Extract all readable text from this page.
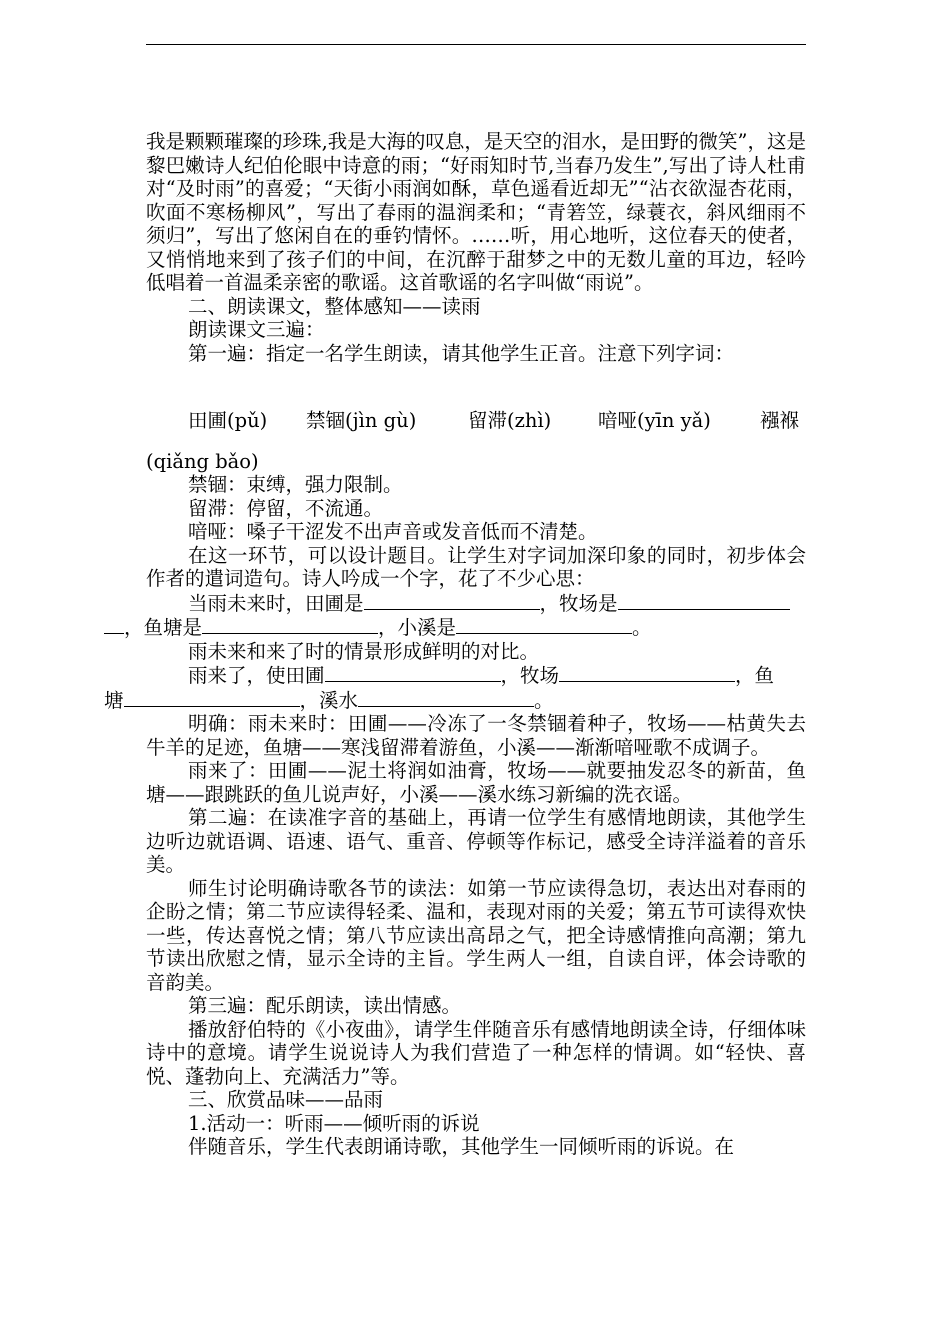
我是颗颗璀璨的珍珠,我是大海的叹息，是天空的泪水，是田野的微笑”，这是黎巴嫩诗人纪伯伦眼中诗意的雨；“好雨知时节,当春乃发生”,写出了诗人杜甫对“及时雨”的喜爱；“天街小雨润如酥，草色遥看近却无”“沾衣欲湿杏花雨，吹面不寒杨柳风”，写出了春雨的温润柔和；“青箬笠，绿蓑衣，斜风细雨不须归”，写出了悠闲自在的垂钓情怀。……听，用心地听，这位春天的使者，又悄悄地来到了孩子们的中间，在沉醉于甜梦之中的无数儿童的耳边，轻吟低唱着一首温柔亲密的歌谣。这首歌谣的名字叫做“雨说”。

二、朗读课文，整体感知——读雨

朗读课文三遍：

第一遍：指定一名学生朗读，请其他学生正音。注意下列字词：

田圃(pǔ) 禁锢(jìn gù)	留滞(zhì) 喑哑(yīn yǎ)	襁褓
(qiǎng bǎo)

禁锢：束缚，强力限制。

留滞：停留，不流通。

喑哑：嗓子干涩发不出声音或发音低而不清楚。

在这一环节，可以设计题目。让学生对字词加深印象的同时，初步体会作者的遣词造句。诗人吟成一个字，花了不少心思：

当雨未来时，田圃是	，牧场是
，鱼塘是	，小溪是	。

雨未来和来了时的情景形成鲜明的对比。

雨来了，使田圃	，牧场	，鱼
塘	，溪水	。

明确：雨未来时：田圃——冷冻了一冬禁锢着种子，牧场——枯黄失去牛羊的足迹，鱼塘——寒浅留滞着游鱼，小溪——渐渐喑哑歌不成调子。

雨来了：田圃——泥土将润如油膏，牧场——就要抽发忍冬的新苗，鱼塘——跟跳跃的鱼儿说声好，小溪——溪水练习新编的洗衣谣。

第二遍：在读准字音的基础上，再请一位学生有感情地朗读，其他学生边听边就语调、语速、语气、重音、停顿等作标记，感受全诗洋溢着的音乐美。

师生讨论明确诗歌各节的读法：如第一节应读得急切，表达出对春雨的企盼之情；第二节应读得轻柔、温和，表现对雨的关爱；第五节可读得欢快一些，传达喜悦之情；第八节应读出高昂之气，把全诗感情推向高潮；第九节读出欣慰之情，显示全诗的主旨。学生两人一组，自读自评，体会诗歌的音韵美。

第三遍：配乐朗读，读出情感。

播放舒伯特的《小夜曲》，请学生伴随音乐有感情地朗读全诗，仔细体味诗中的意境。请学生说说诗人为我们营造了一种怎样的情调。如“轻快、喜悦、蓬勃向上、充满活力”等。

三、欣赏品味——品雨

1.活动一：听雨——倾听雨的诉说

伴随音乐，学生代表朗诵诗歌，其他学生一同倾听雨的诉说。在
